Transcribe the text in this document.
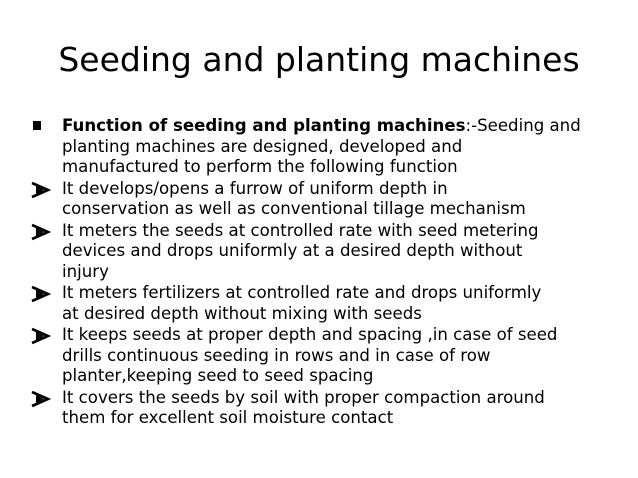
Seeding and planting machines
Function of seeding and planting machines:-Seeding and
planting machines are designed, developed and
manufactured to perform the following function
It develops/opens a furrow of uniform depth in
conservation as well as conventional tillage mechanism
It meters the seeds at controlled rate with seed metering
devices and drops uniformly at a desired depth without
injury
It meters fertilizers at controlled rate and drops uniformly
at desired depth without mixing with seeds
It keeps seeds at proper depth and spacing ,in case of seed
drills continuous seeding in rows and in case of row
planter,keeping seed to seed spacing
It covers the seeds by soil with proper compaction around
them for excellent soil moisture contact
